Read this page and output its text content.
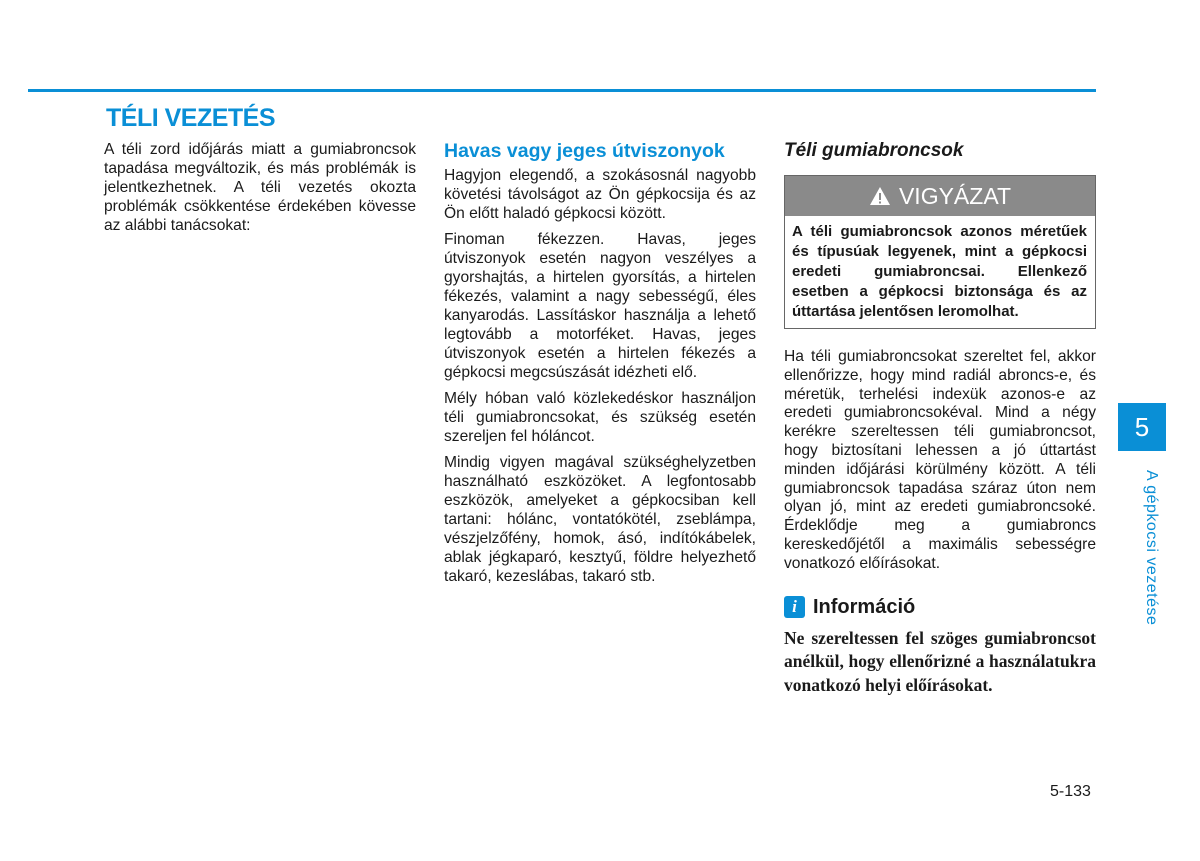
TÉLI VEZETÉS

A téli zord időjárás miatt a gumiabroncsok tapadása megváltozik, és más problémák is jelentkezhetnek. A téli vezetés okozta problémák csökkentése érdekében kövesse az alábbi tanácsokat:

Havas vagy jeges útviszonyok

Hagyjon elegendő, a szokásosnál nagyobb követési távolságot az Ön gépkocsija és az Ön előtt haladó gépkocsi között.

Finoman fékezzen. Havas, jeges útviszonyok esetén nagyon veszélyes a gyorshajtás, a hirtelen gyorsítás, a hirtelen fékezés, valamint a nagy sebességű, éles kanyarodás. Lassításkor használja a lehető legtovább a motorféket. Havas, jeges útviszonyok esetén a hirtelen fékezés a gépkocsi megcsúszását idézheti elő.

Mély hóban való közlekedéskor használjon téli gumiabroncsokat, és szükség esetén szereljen fel hóláncot.

Mindig vigyen magával szükséghelyzetben használható eszközöket. A legfontosabb eszközök, amelyeket a gépkocsiban kell tartani: hólánc, vontatókötél, zseblámpa, vészjelzőfény, homok, ásó, indítókábelek, ablak jégkaparó, kesztyű, földre helyezhető takaró, kezeslábas, takaró stb.

Téli gumiabroncsok
VIGYÁZAT
A téli gumiabroncsok azonos méretűek és típusúak legyenek, mint a gépkocsi eredeti gumiabroncsai. Ellenkező esetben a gépkocsi biztonsága és az úttartása jelentősen leromolhat.

Ha téli gumiabroncsokat szereltet fel, akkor ellenőrizze, hogy mind radiál abroncs-e, és méretük, terhelési indexük azonos-e az eredeti gumiabroncsokéval. Mind a négy kerékre szereltessen téli gumiabroncsot, hogy biztosítani lehessen a jó úttartást minden időjárási körülmény között. A téli gumiabroncsok tapadása száraz úton nem olyan jó, mint az eredeti gumiabroncsoké. Érdeklődje meg a gumiabroncs kereskedőjétől a maximális sebességre vonatkozó előírásokat.

i Információ

Ne szereltessen fel szöges gumiabroncsot anélkül, hogy ellenőrizné a használatukra vonatkozó helyi előírásokat.

5
A gépkocsi vezetése
5-133
